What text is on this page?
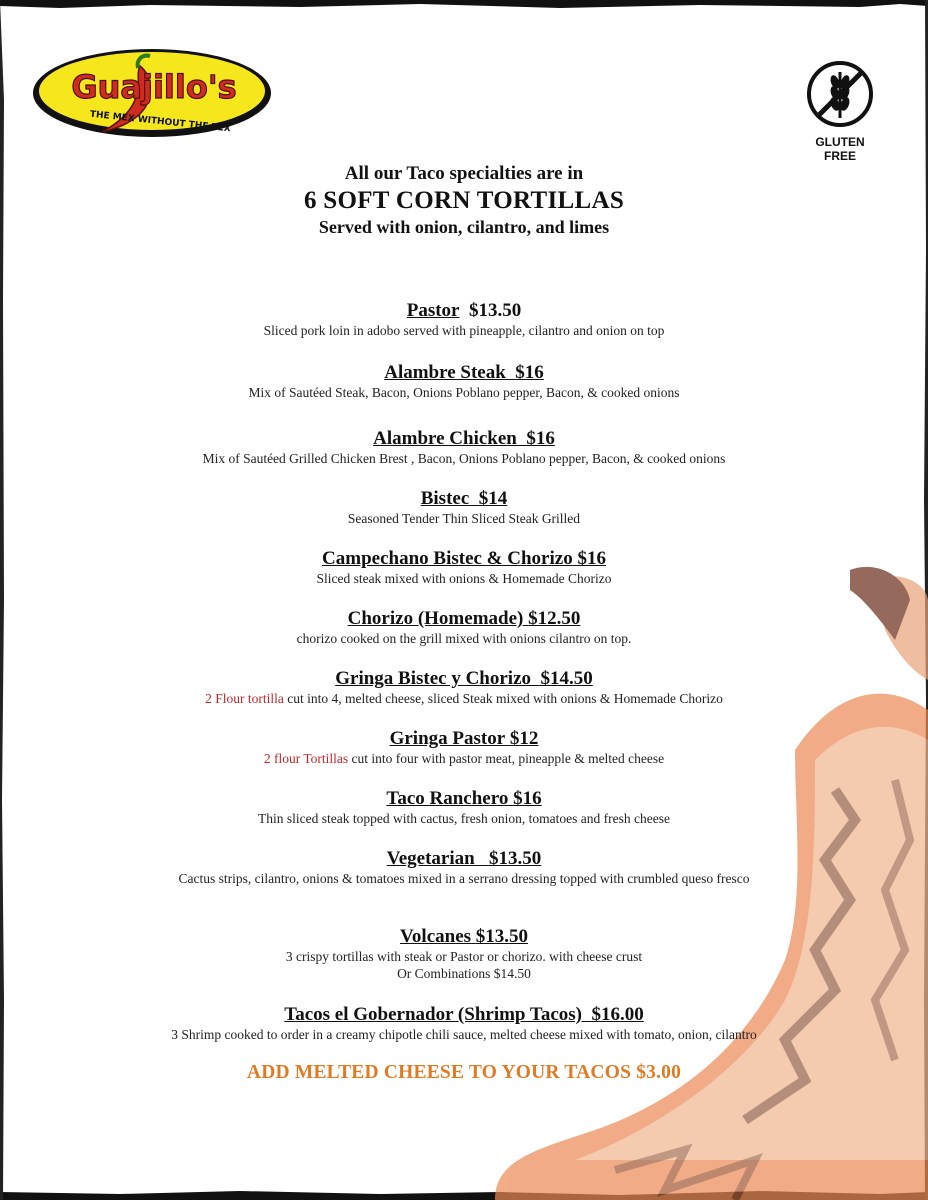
Guajillo's
THE MEX WITHOUT THE TEX
GLUTEN
FREE
All our Taco specialties are in
6 SOFT CORN TORTILLAS
Served with onion, cilantro, and limes
Pastor $13.50
Sliced pork loin in adobo served with pineapple, cilantro and onion on top
Alambre Steak $16
Mix of Sautéed Steak, Bacon, Onions Poblano pepper, Bacon, & cooked onions
Alambre Chicken $16
Mix of Sautéed Grilled Chicken Brest , Bacon, Onions Poblano pepper, Bacon, & cooked onions
Bistec $14
Seasoned Tender Thin Sliced Steak Grilled
Campechano Bistec & Chorizo $16
Sliced steak mixed with onions & Homemade Chorizo
Chorizo (Homemade) $12.50
chorizo cooked on the grill mixed with onions cilantro on top.
Gringa Bistec y Chorizo $14.50
2 Flour tortilla cut into 4, melted cheese, sliced Steak mixed with onions & Homemade Chorizo
Gringa Pastor $12
2 flour Tortillas cut into four with pastor meat, pineapple & melted cheese
Taco Ranchero $16
Thin sliced steak topped with cactus, fresh onion, tomatoes and fresh cheese
Vegetarian $13.50
Cactus strips, cilantro, onions & tomatoes mixed in a serrano dressing topped with crumbled queso fresco
Volcanes $13.50
3 crispy tortillas with steak or Pastor or chorizo. with cheese crust
Or Combinations $14.50
Tacos el Gobernador (Shrimp Tacos) $16.00
3 Shrimp cooked to order in a creamy chipotle chili sauce, melted cheese mixed with tomato, onion, cilantro
ADD MELTED CHEESE TO YOUR TACOS $3.00
